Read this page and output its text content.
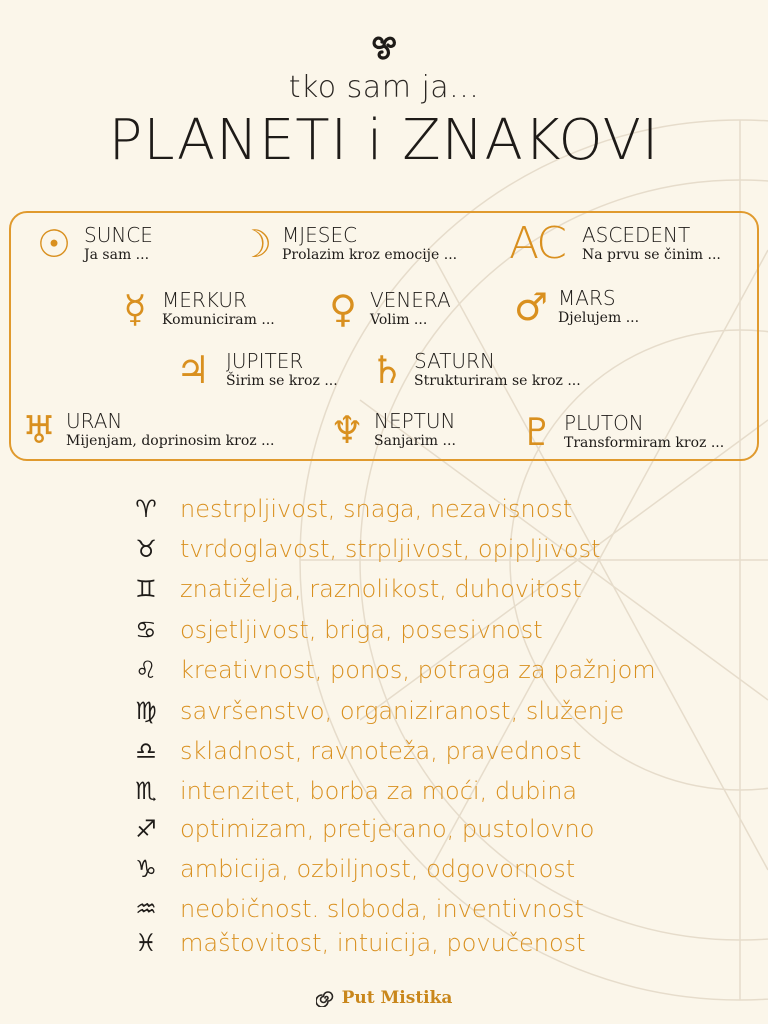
tko sam ja...
PLANETI i ZNAKOVI
☉ SUNCE
Ja sam ... ☽ MJESEC
Prolazim kroz emocije ... AC ASCEDENT
Na prvu se činim ...
☿ MERKUR
Komuniciram ... ♀ VENERA
Volim ...	♂ MARS
Djelujem ...
♃ JUPITER
Širim se kroz ... ♄ SATURN
Strukturiram se kroz ...
♅ URAN
Mijenjam, doprinosim kroz ... ♆ NEPTUN
Sanjarim ... ♇ PLUTON
Transformiram kroz ...
♈ nestrpljivost, snaga, nezavisnost
♉ tvrdoglavost, strpljivost, opipljivost
♊ znatiželja, raznolikost, duhovitost
♋ osjetljivost, briga, posesivnost
♌ kreativnost, ponos, potraga za pažnjom
♍ savršenstvo, organiziranost, služenje
♎ skladnost, ravnoteža, pravednost
♏ intenzitet, borba za moći, dubina
♐ optimizam, pretjerano, pustolovno
♑ ambicija, ozbiljnost, odgovornost
♒ neobičnost. sloboda, inventivnost
♓ maštovitost, intuicija, povučenost
Put Mistika
